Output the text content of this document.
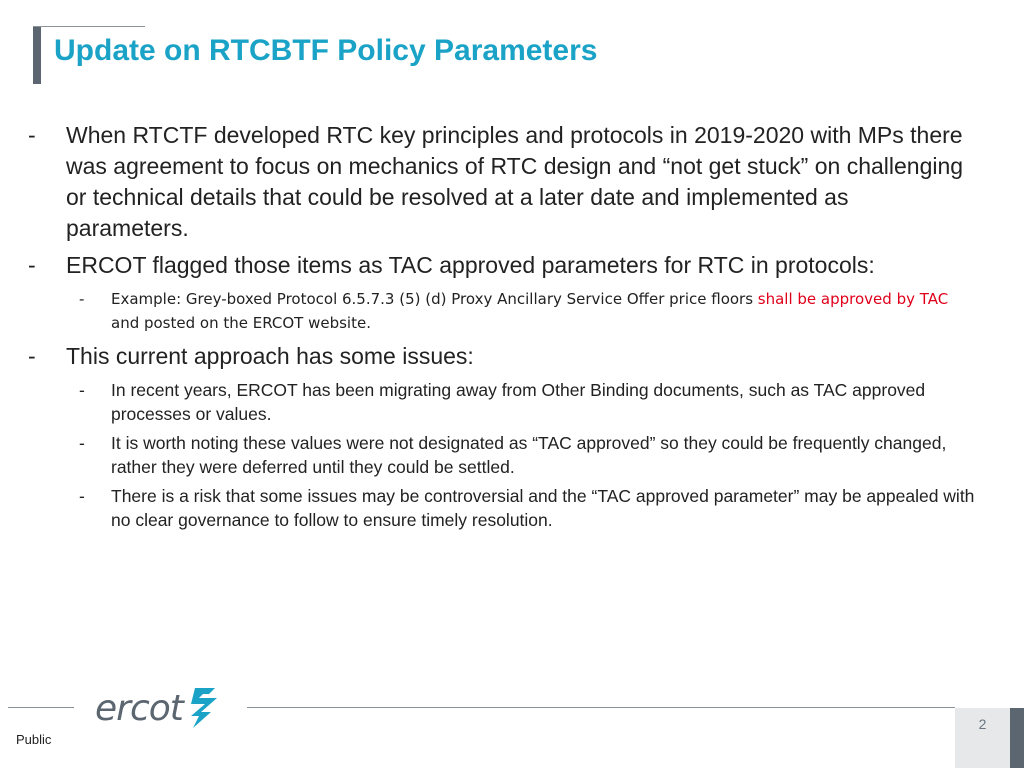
Update on RTCBTF Policy Parameters
- When RTCTF developed RTC key principles and protocols in 2019-2020 with MPs there was agreement to focus on mechanics of RTC design and “not get stuck” on challenging or technical details that could be resolved at a later date and implemented as parameters.
- ERCOT flagged those items as TAC approved parameters for RTC in protocols:
- Example: Grey-boxed Protocol 6.5.7.3 (5) (d) Proxy Ancillary Service Offer price floors shall be approved by TAC and posted on the ERCOT website.
- This current approach has some issues:
- In recent years, ERCOT has been migrating away from Other Binding documents, such as TAC approved processes or values.
- It is worth noting these values were not designated as “TAC approved” so they could be frequently changed, rather they were deferred until they could be settled.
- There is a risk that some issues may be controversial and the “TAC approved parameter” may be appealed with no clear governance to follow to ensure timely resolution.
ercot
Public
2
